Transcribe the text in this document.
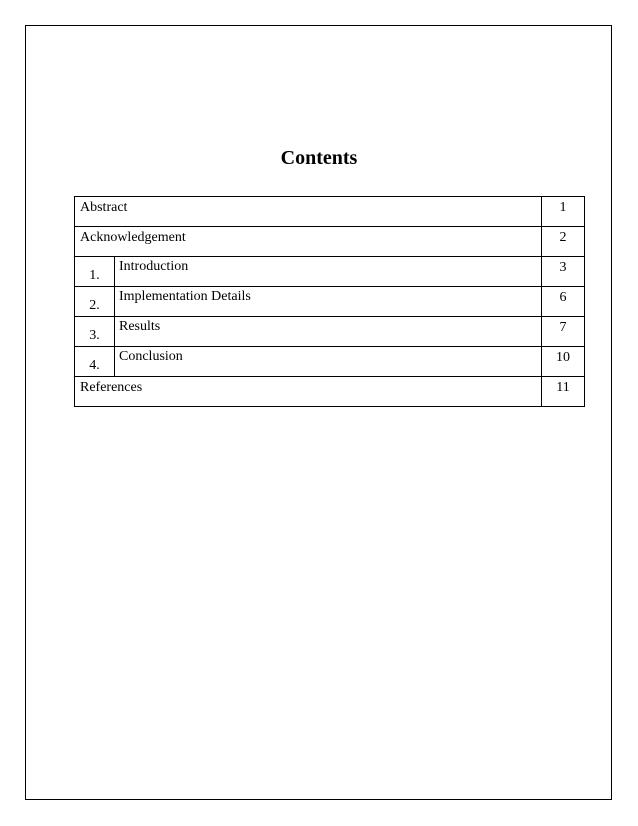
Contents
Abstract		1
Acknowledgement		2
1.	Introduction	3
2.	Implementation Details	6
3.	Results	7
4.	Conclusion	10
References		11
